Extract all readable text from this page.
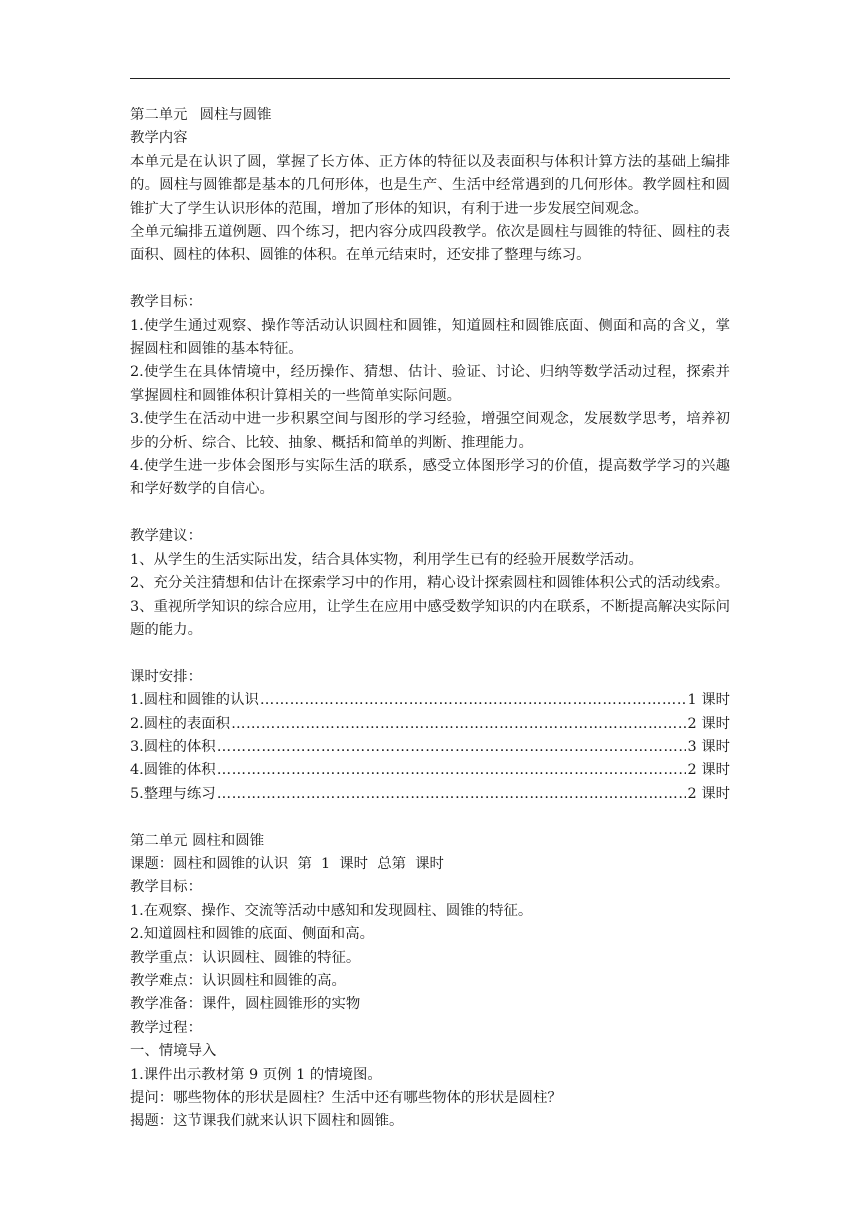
第二单元 圆柱与圆锥

教学内容

本单元是在认识了圆，掌握了长方体、正方体的特征以及表面积与体积计算方法的基础上编排的。圆柱与圆锥都是基本的几何形体，也是生产、生活中经常遇到的几何形体。教学圆柱和圆锥扩大了学生认识形体的范围，增加了形体的知识，有利于进一步发展空间观念。

全单元编排五道例题、四个练习，把内容分成四段教学。依次是圆柱与圆锥的特征、圆柱的表面积、圆柱的体积、圆锥的体积。在单元结束时，还安排了整理与练习。

教学目标：

1.使学生通过观察、操作等活动认识圆柱和圆锥，知道圆柱和圆锥底面、侧面和高的含义，掌握圆柱和圆锥的基本特征。

2.使学生在具体情境中，经历操作、猜想、估计、验证、讨论、归纳等数学活动过程，探索并掌握圆柱和圆锥体积计算相关的一些简单实际问题。

3.使学生在活动中进一步积累空间与图形的学习经验，增强空间观念，发展数学思考，培养初步的分析、综合、比较、抽象、概括和简单的判断、推理能力。

4.使学生进一步体会图形与实际生活的联系，感受立体图形学习的价值，提高数学学习的兴趣和学好数学的自信心。

教学建议：

1、从学生的生活实际出发，结合具体实物，利用学生已有的经验开展数学活动。

2、充分关注猜想和估计在探索学习中的作用，精心设计探索圆柱和圆锥体积公式的活动线索。

3、重视所学知识的综合应用，让学生在应用中感受数学知识的内在联系，不断提高解决实际问题的能力。

课时安排：

1.圆柱和圆锥的认识 ……………………………………………………………………………………………………………………………………………………	1 课时
2.圆柱的表面积 ……………………………………………………………………………………………………………………………………………………	2 课时
3.圆柱的体积 ……………………………………………………………………………………………………………………………………………………	3 课时
4.圆锥的体积 ……………………………………………………………………………………………………………………………………………………	2 课时
5.整理与练习 ……………………………………………………………………………………………………………………………………………………	2 课时

第二单元 圆柱和圆锥

课题：圆柱和圆锥的认识  第  1  课时  总第  课时

教学目标：

1.在观察、操作、交流等活动中感知和发现圆柱、圆锥的特征。

2.知道圆柱和圆锥的底面、侧面和高。

教学重点：认识圆柱、圆锥的特征。

教学难点：认识圆柱和圆锥的高。

教学准备：课件，圆柱圆锥形的实物

教学过程：

一、情境导入

1.课件出示教材第 9 页例 1 的情境图。

提问：哪些物体的形状是圆柱？生活中还有哪些物体的形状是圆柱？

揭题：这节课我们就来认识下圆柱和圆锥。
